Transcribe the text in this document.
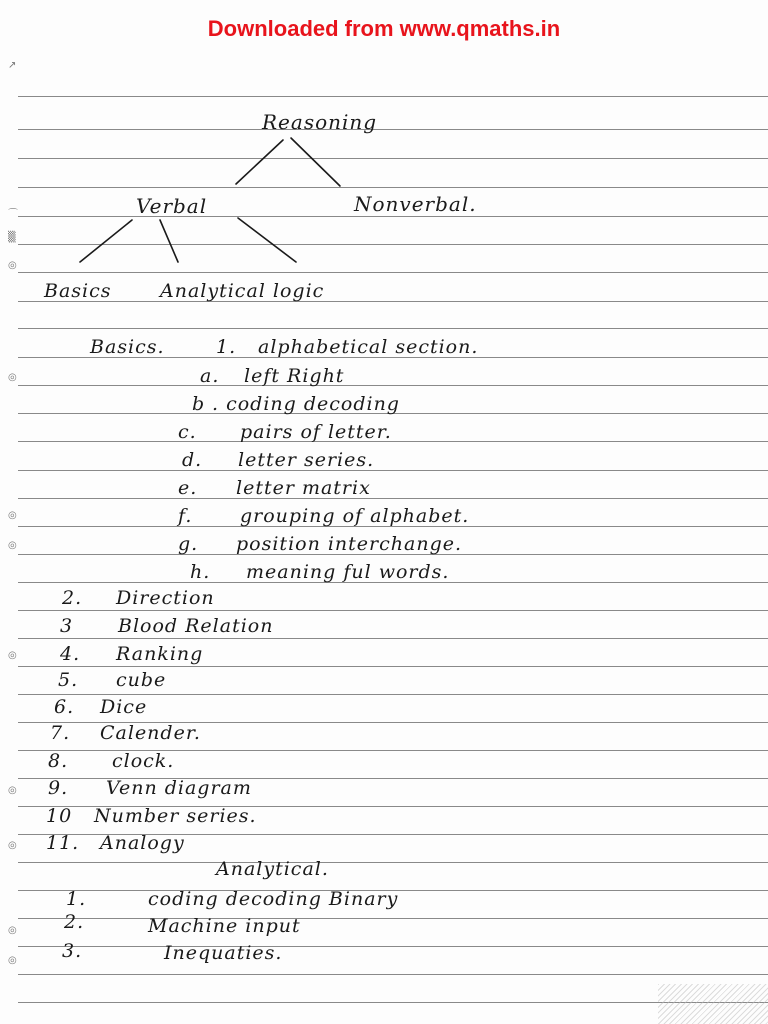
↗
⌒
▒
◎
◎
◎
◎
◎
◎
◎
◎
◎
Downloaded from www.qmaths.in
Reasoning
Verbal	Nonverbal.
Basics	Analytical logic
Basics.	1. alphabetical section.
a. left Right
b . coding decoding
c. pairs of letter.
d. letter series.
e. letter matrix
f.	grouping of alphabet.
g. position interchange.
h. meaning ful words.
2. Direction
3 Blood Relation
4. Ranking
5. cube
6. Dice
7. Calender.
8. clock.
9. Venn diagram
10 Number series.
11. Analogy
Analytical.
1.	coding decoding Binary
2.	Machine input
3.	Inequaties.
